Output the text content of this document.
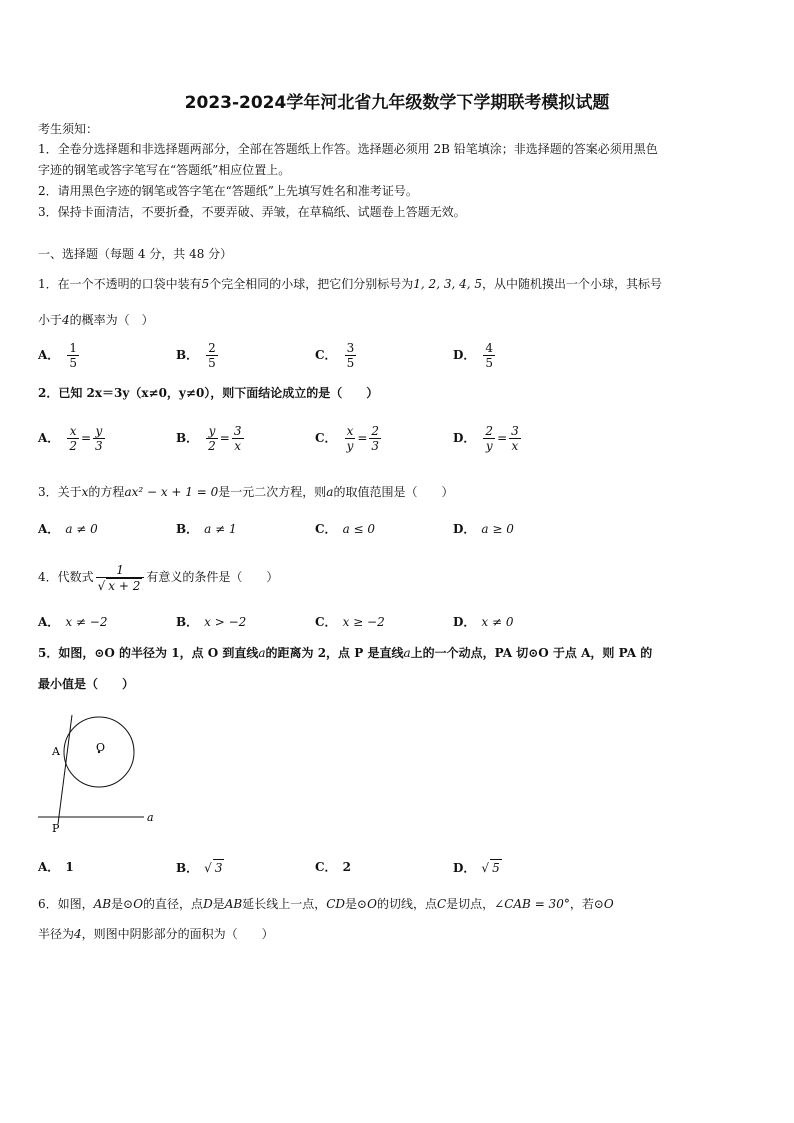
2023-2024学年河北省九年级数学下学期联考模拟试题
考生须知：
1．全卷分选择题和非选择题两部分，全部在答题纸上作答。选择题必须用 2B 铅笔填涂；非选择题的答案必须用黑色
字迹的钢笔或答字笔写在“答题纸”相应位置上。
2．请用黑色字迹的钢笔或答字笔在“答题纸”上先填写姓名和准考证号。
3．保持卡面清洁，不要折叠，不要弄破、弄皱，在草稿纸、试题卷上答题无效。
一、选择题（每题 4 分，共 48 分）
1．在一个不透明的口袋中装有5个完全相同的小球，把它们分别标号为1, 2, 3, 4, 5，从中随机摸出一个小球，其标号
小于4的概率为（　）
A． $\frac{1}{5}$	B． $\frac{2}{5}$	C． $\frac{3}{5}$	D． $\frac{4}{5}$
2．已知 2x＝3y（x≠0，y≠0），则下面结论成立的是（　　）
A． $\frac{x}{2} = \frac{y}{3}$	B． $\frac{y}{2} = \frac{3}{x}$	C． $\frac{x}{y} = \frac{2}{3}$	D． $\frac{2}{y} = \frac{3}{x}$
3．关于x的方程ax² − x + 1 = 0是一元二次方程，则a的取值范围是（　　）
A． a ≠ 0	B． a ≠ 1	C． a ≤ 0	D． a ≥ 0
4．代数式 $\frac{1}{√ x + 2}$ 有意义的条件是（　　）
A． x ≠ −2	B． x > −2	C． x ≥ −2	D． x ≠ 0
5．如图，⊙O 的半径为 1，点 O 到直线a的距离为 2，点 P 是直线a上的一个动点，PA 切⊙O 于点 A，则 PA 的
最小值是（　　）
A	O
P
a
A． 1	B． √ 3	C． 2	D． √ 5
6．如图，AB是⊙O的直径，点D是AB延长线上一点，CD是⊙O的切线，点C是切点，∠CAB = 30°，若⊙O
半径为4，则图中阴影部分的面积为（　　）
